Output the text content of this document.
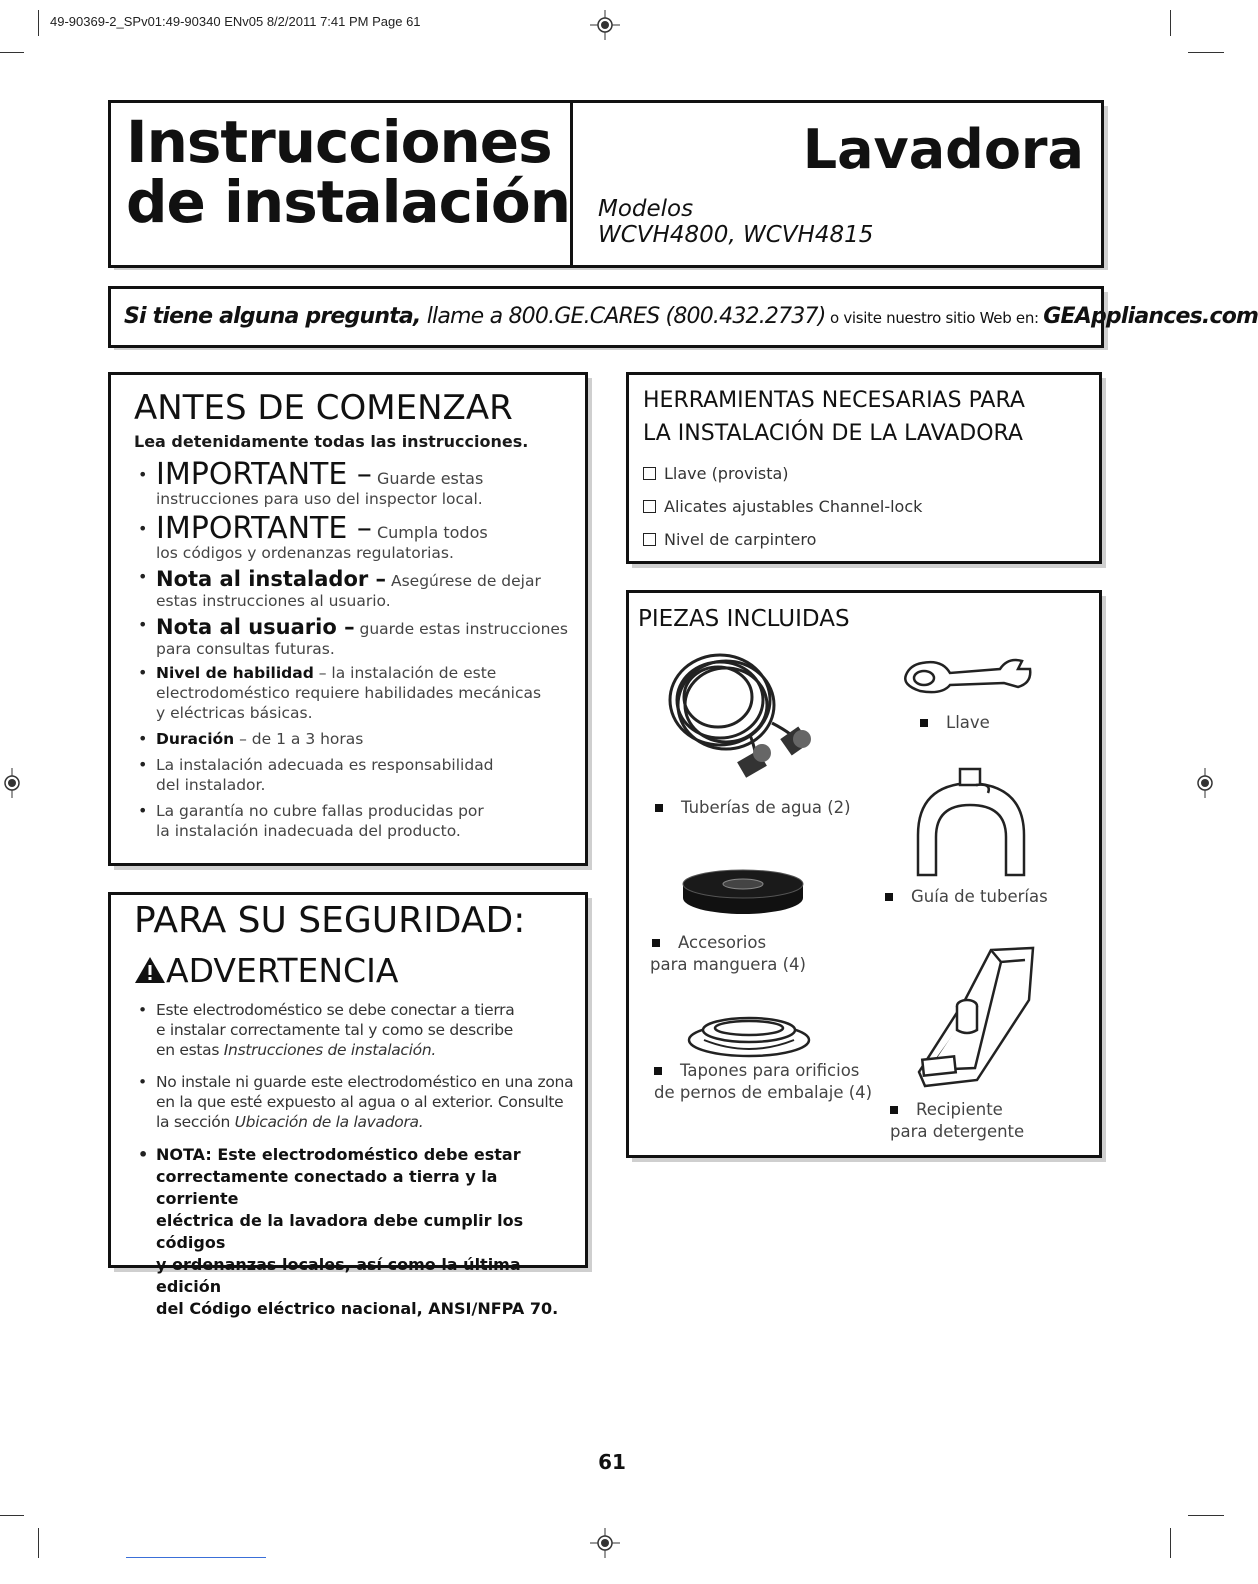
49-90369-2_SPv01:49-90340 ENv05 8/2/2011 7:41 PM Page 61
Instrucciones
de instalación
Lavadora
Modelos
WCVH4800, WCVH4815
Si tiene alguna pregunta, llame a 800.GE.CARES (800.432.2737) o visite nuestro sitio Web en: GEAppliances.com
ANTES DE COMENZAR
Lea detenidamente todas las instrucciones.
• IMPORTANTE – Guarde estas
instrucciones para uso del inspector local.
• IMPORTANTE – Cumpla todos
los códigos y ordenanzas regulatorias.
• Nota al instalador – Asegúrese de dejar
estas instrucciones al usuario.
• Nota al usuario – guarde estas instrucciones
para consultas futuras.
• Nivel de habilidad – la instalación de este
electrodoméstico requiere habilidades mecánicas
y eléctricas básicas.
• Duración – de 1 a 3 horas
• La instalación adecuada es responsabilidad
del instalador.
• La garantía no cubre fallas producidas por
la instalación inadecuada del producto.
HERRAMIENTAS NECESARIAS PARA
LA INSTALACIÓN DE LA LAVADORA
Llave (provista)
Alicates ajustables Channel-lock
Nivel de carpintero
PIEZAS INCLUIDAS
Tuberías de agua (2)
Llave
Guía de tuberías
Accesorios
para manguera (4)
Tapones para orificios
de pernos de embalaje (4)
Recipiente
para detergente
PARA SU SEGURIDAD:
ADVERTENCIA
• Este electrodoméstico se debe conectar a tierra
e instalar correctamente tal y como se describe
en estas Instrucciones de instalación.
• No instale ni guarde este electrodoméstico en una zona
en la que esté expuesto al agua o al exterior. Consulte
la sección Ubicación de la lavadora.
• NOTA: Este electrodoméstico debe estar
correctamente conectado a tierra y la corriente
eléctrica de la lavadora debe cumplir los códigos
y ordenanzas locales, así como la última edición
del Código eléctrico nacional, ANSI/NFPA 70.
61
